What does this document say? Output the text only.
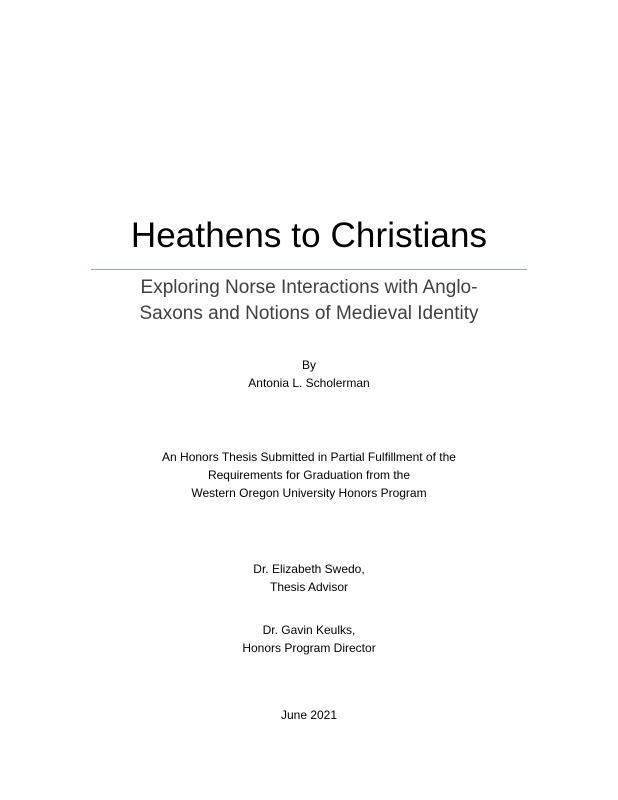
Heathens to Christians
Exploring Norse Interactions with Anglo-
Saxons and Notions of Medieval Identity
By
Antonia L. Scholerman
An Honors Thesis Submitted in Partial Fulfillment of the
Requirements for Graduation from the
Western Oregon University Honors Program
Dr. Elizabeth Swedo,
Thesis Advisor
Dr. Gavin Keulks,
Honors Program Director
June 2021
